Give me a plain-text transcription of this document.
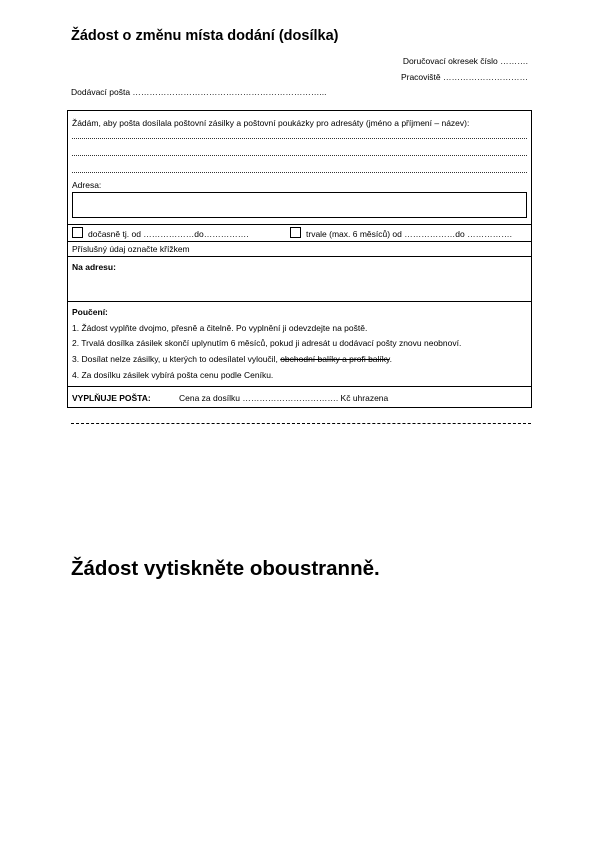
Žádost o změnu místa dodání (dosílka)
Doručovací okresek číslo ……….
Pracoviště …………………………
Dodávací pošta …………………………………………………………...
Žádám, aby pošta dosílala poštovní zásilky a poštovní poukázky pro adresáty (jméno a příjmení – název):
Adresa:
dočasně tj. od ………………do…………….	trvale (max. 6 měsíců) od ………………do …………….
Příslušný údaj označte křížkem
Na adresu:
Poučení:
1. Žádost vyplňte dvojmo, přesně a čitelně. Po vyplnění ji odevzdejte na poště.
2. Trvalá dosílka zásilek skončí uplynutím 6 měsíců, pokud ji adresát u dodávací pošty znovu neobnoví.
3. Dosílat nelze zásilky, u kterých to odesílatel vyloučil, obchodní balíky a profi balíky.
4. Za dosílku zásilek vybírá pošta cenu podle Ceníku.
VYPLŇUJE POŠTA:	Cena za dosílku ……………………………. Kč uhrazena
Žádost vytiskněte oboustranně.
